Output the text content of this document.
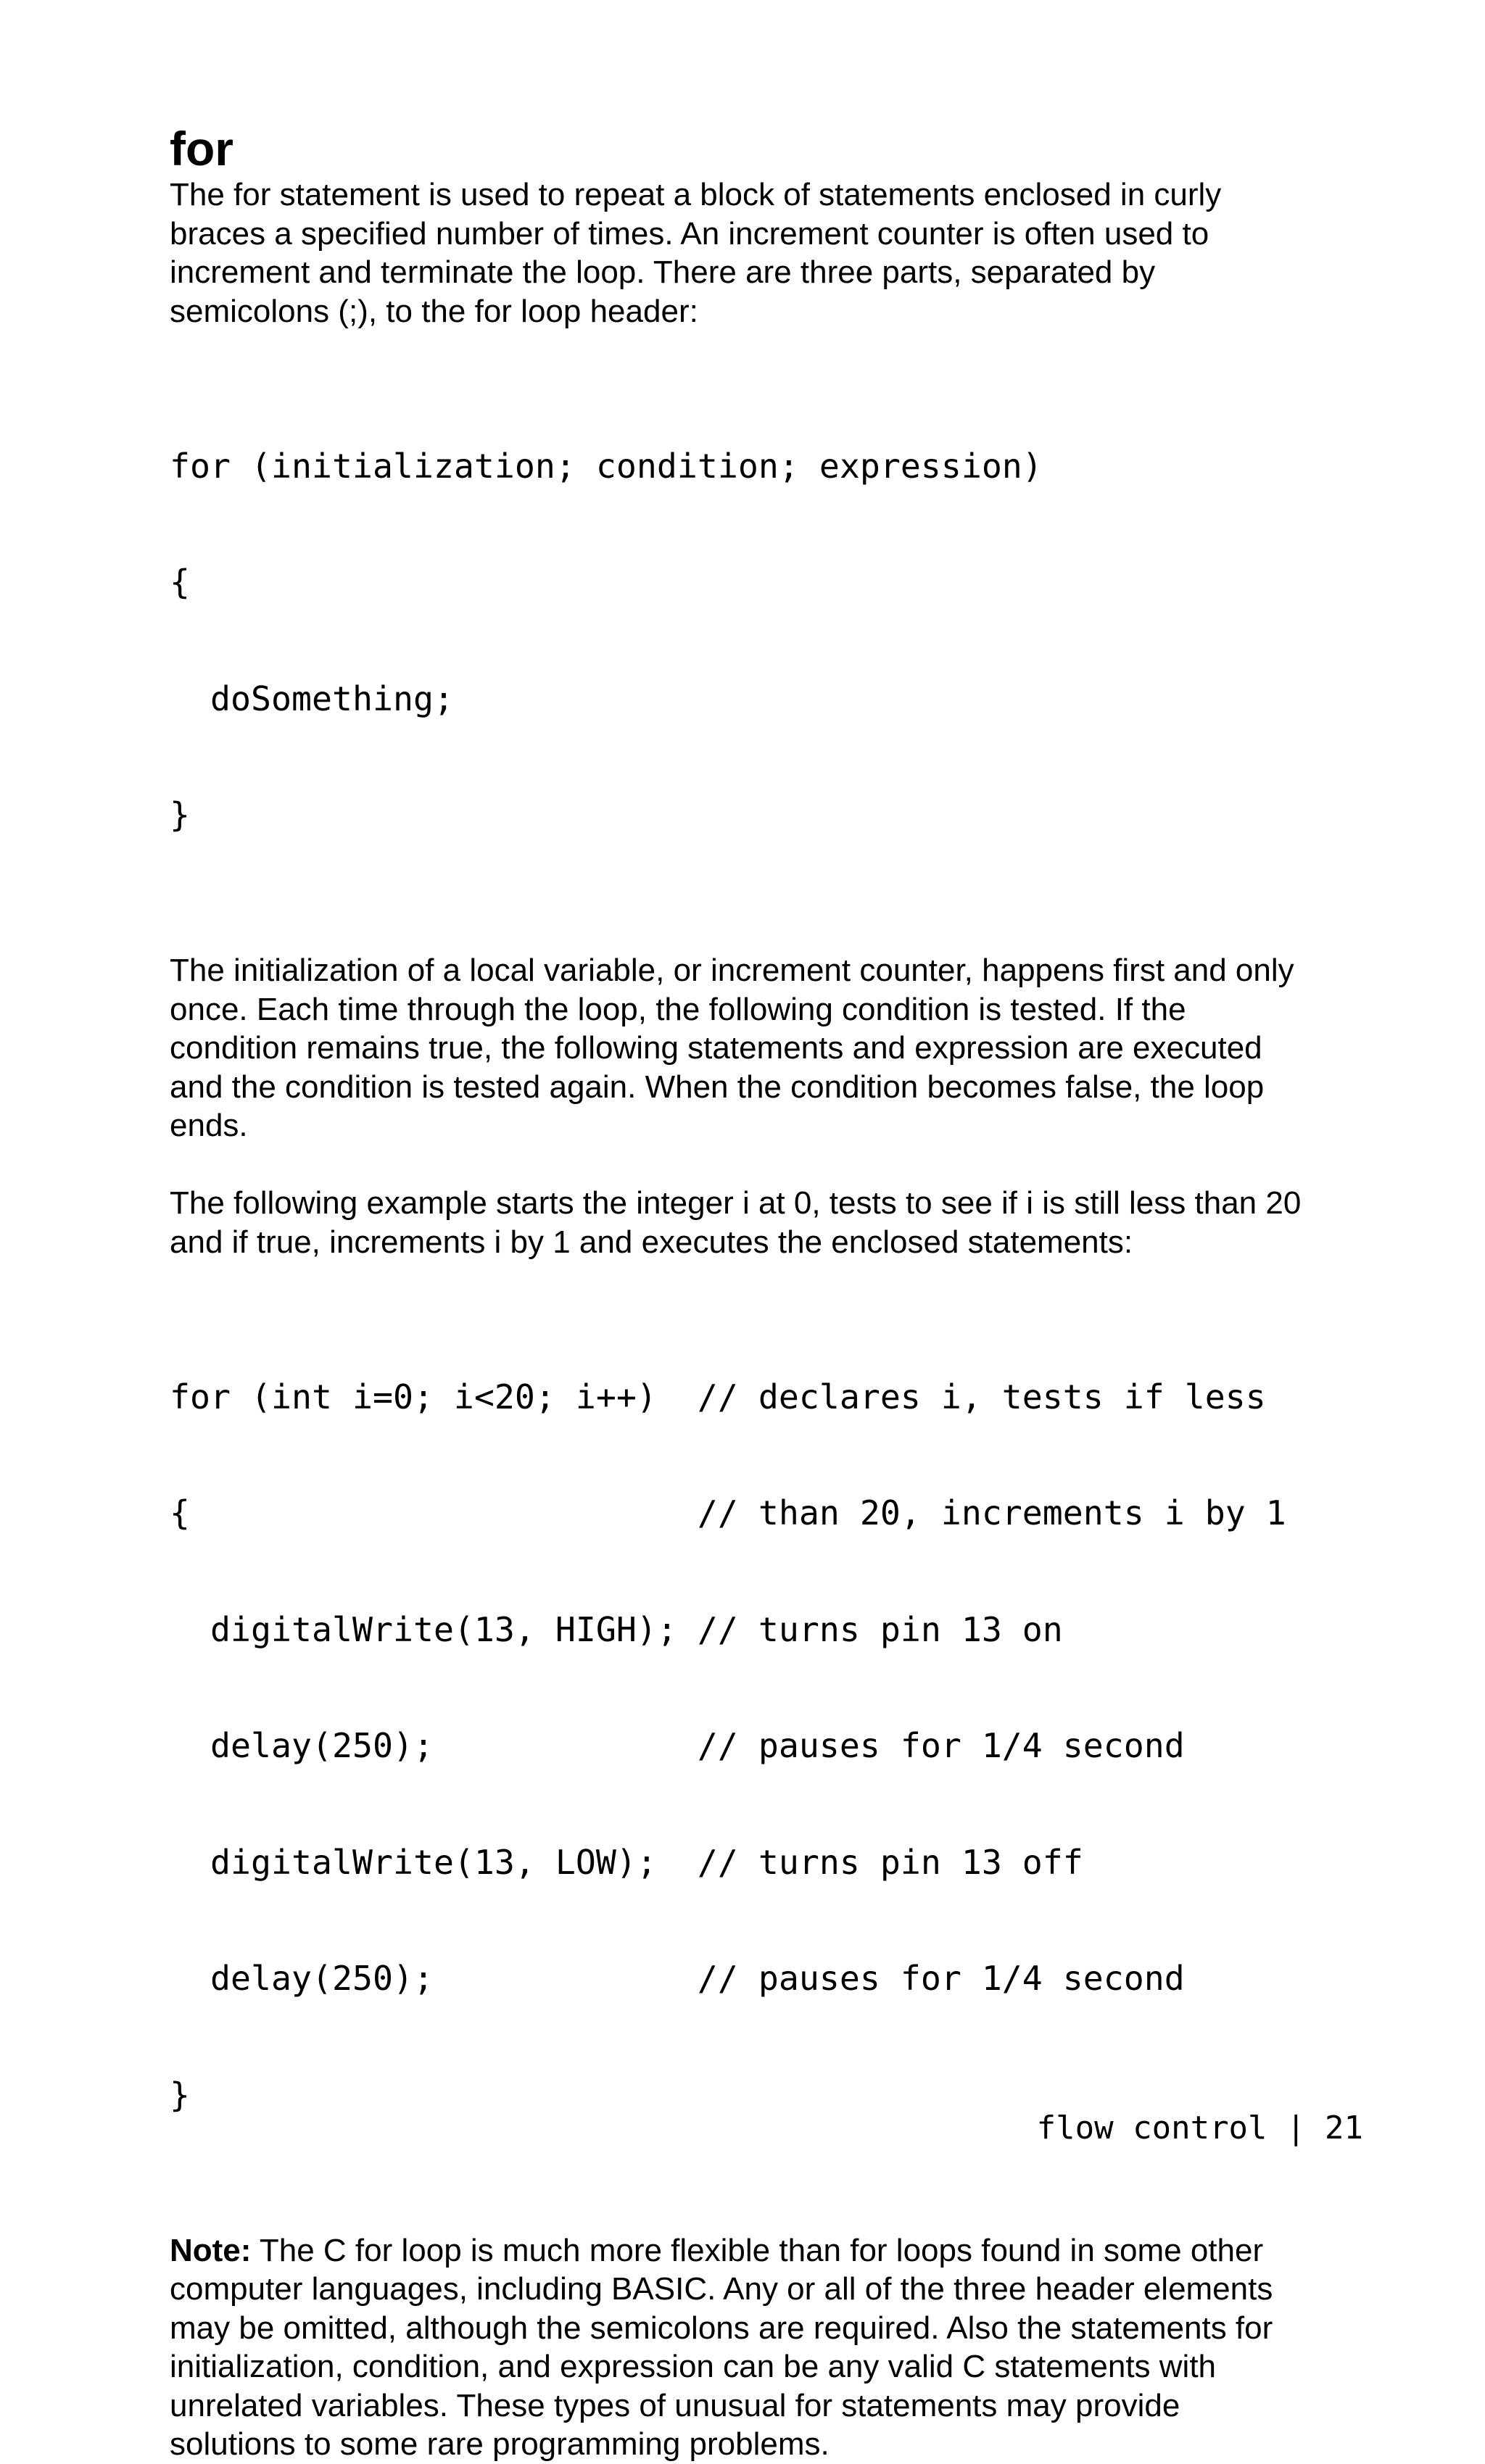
for
The for statement is used to repeat a block of statements enclosed in curly
braces a specified number of times. An increment counter is often used to
increment and terminate the loop. There are three parts, separated by
semicolons (;), to the for loop header:

for (initialization; condition; expression)

{

doSomething;

}

The initialization of a local variable, or increment counter, happens first and only
once. Each time through the loop, the following condition is tested. If the
condition remains true, the following statements and expression are executed
and the condition is tested again. When the condition becomes false, the loop
ends.
The following example starts the integer i at 0, tests to see if i is still less than 20
and if true, increments i by 1 and executes the enclosed statements:

for (int i=0; i<20; i++)  // declares i, tests if less

{                         // than 20, increments i by 1

digitalWrite(13, HIGH); // turns pin 13 on

delay(250);             // pauses for 1/4 second

digitalWrite(13, LOW);  // turns pin 13 off

delay(250);             // pauses for 1/4 second

}

Note: The C for loop is much more flexible than for loops found in some other
computer languages, including BASIC. Any or all of the three header elements
may be omitted, although the semicolons are required. Also the statements for
initialization, condition, and expression can be any valid C statements with
unrelated variables. These types of unusual for statements may provide
solutions to some rare programming problems.
flow control | 21
